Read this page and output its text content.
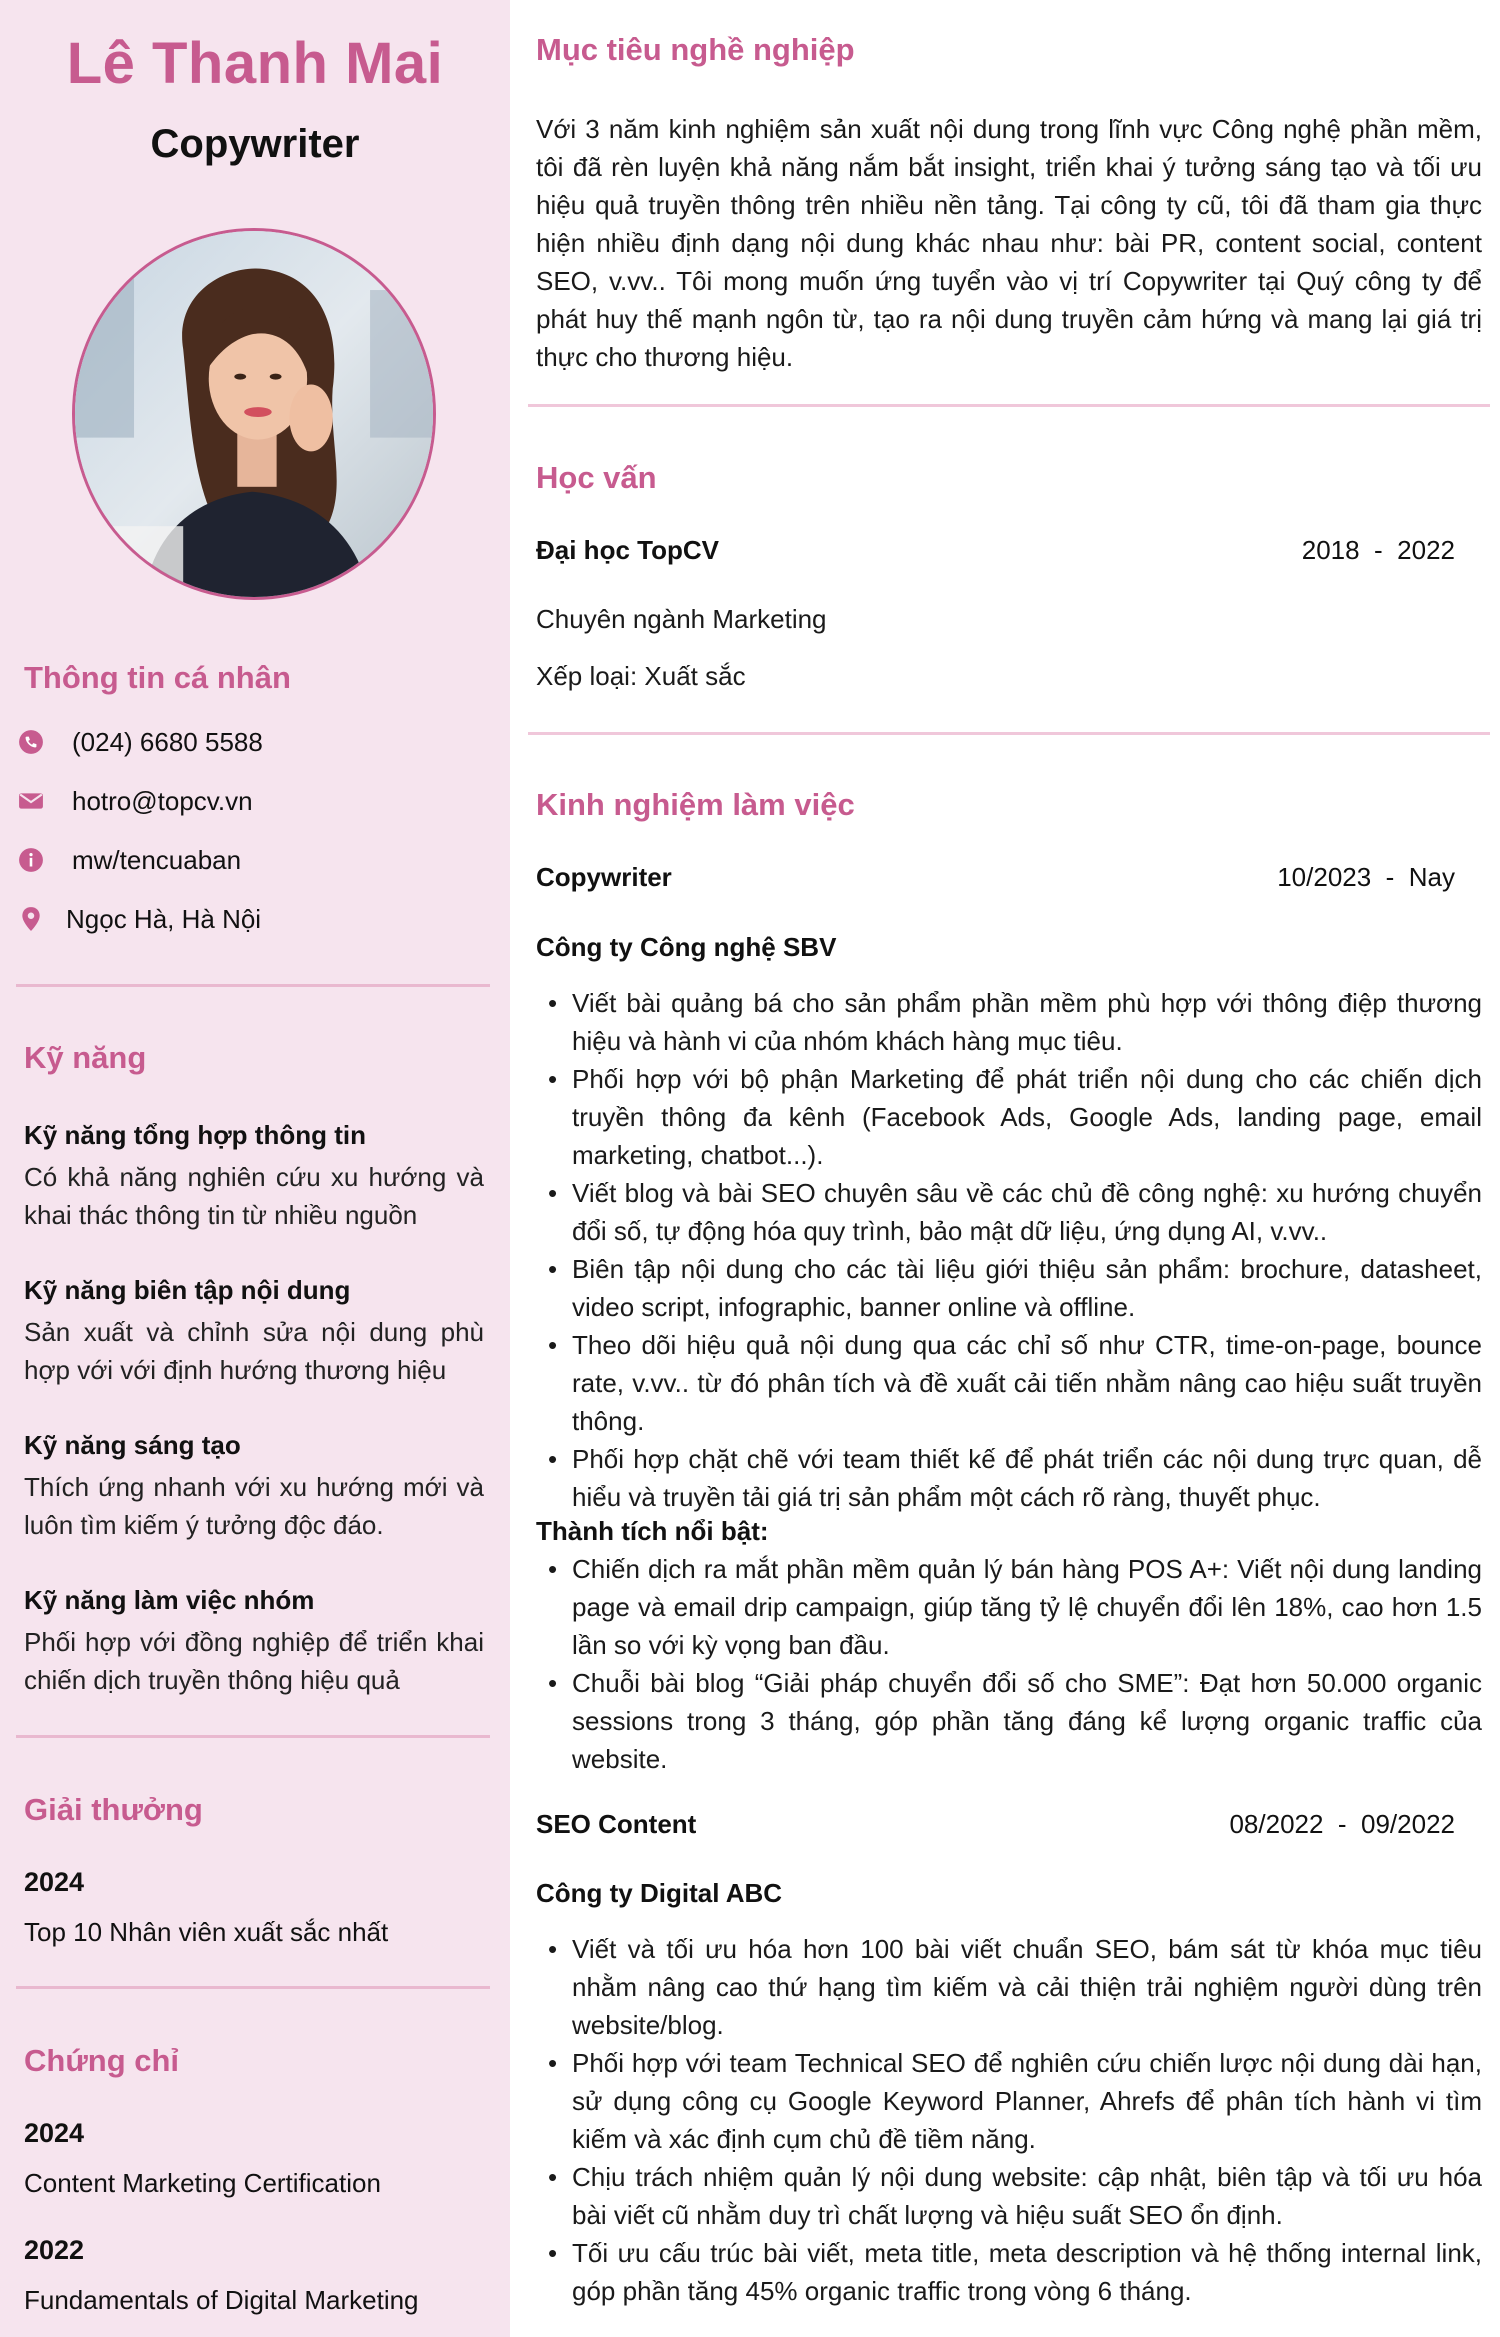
Lê Thanh Mai
Copywriter
Thông tin cá nhân
(024) 6680 5588
hotro@topcv.vn
mw/tencuaban
Ngọc Hà, Hà Nội
Kỹ năng
Kỹ năng tổng hợp thông tin
Có khả năng nghiên cứu xu hướng và khai thác thông tin từ nhiều nguồn
Kỹ năng biên tập nội dung
Sản xuất và chỉnh sửa nội dung phù hợp với với định hướng thương hiệu
Kỹ năng sáng tạo
Thích ứng nhanh với xu hướng mới và luôn tìm kiếm ý tưởng độc đáo.
Kỹ năng làm việc nhóm
Phối hợp với đồng nghiệp để triển khai chiến dịch truyền thông hiệu quả
Giải thưởng
2024
Top 10 Nhân viên xuất sắc nhất
Chứng chỉ
2024
Content Marketing Certification
2022
Fundamentals of Digital Marketing
Mục tiêu nghề nghiệp
Với 3 năm kinh nghiệm sản xuất nội dung trong lĩnh vực Công nghệ phần mềm, tôi đã rèn luyện khả năng nắm bắt insight, triển khai ý tưởng sáng tạo và tối ưu hiệu quả truyền thông trên nhiều nền tảng. Tại công ty cũ, tôi đã tham gia thực hiện nhiều định dạng nội dung khác nhau như: bài PR, content social, content SEO, v.vv.. Tôi mong muốn ứng tuyển vào vị trí Copywriter tại Quý công ty để phát huy thế mạnh ngôn từ, tạo ra nội dung truyền cảm hứng và mang lại giá trị thực cho thương hiệu.
Học vấn
Đại học TopCV	2018  -  2022
Chuyên ngành Marketing
Xếp loại: Xuất sắc
Kinh nghiệm làm việc
Copywriter	10/2023  -  Nay
Công ty Công nghệ SBV
• Viết bài quảng bá cho sản phẩm phần mềm phù hợp với thông điệp thương hiệu và hành vi của nhóm khách hàng mục tiêu.
• Phối hợp với bộ phận Marketing để phát triển nội dung cho các chiến dịch truyền thông đa kênh (Facebook Ads, Google Ads, landing page, email marketing, chatbot...).
• Viết blog và bài SEO chuyên sâu về các chủ đề công nghệ: xu hướng chuyển đổi số, tự động hóa quy trình, bảo mật dữ liệu, ứng dụng AI, v.vv..
• Biên tập nội dung cho các tài liệu giới thiệu sản phẩm: brochure, datasheet, video script, infographic, banner online và offline.
• Theo dõi hiệu quả nội dung qua các chỉ số như CTR, time-on-page, bounce rate, v.vv.. từ đó phân tích và đề xuất cải tiến nhằm nâng cao hiệu suất truyền thông.
• Phối hợp chặt chẽ với team thiết kế để phát triển các nội dung trực quan, dễ hiểu và truyền tải giá trị sản phẩm một cách rõ ràng, thuyết phục.
Thành tích nổi bật:
• Chiến dịch ra mắt phần mềm quản lý bán hàng POS A+: Viết nội dung landing page và email drip campaign, giúp tăng tỷ lệ chuyển đổi lên 18%, cao hơn 1.5 lần so với kỳ vọng ban đầu.
• Chuỗi bài blog “Giải pháp chuyển đổi số cho SME”: Đạt hơn 50.000 organic sessions trong 3 tháng, góp phần tăng đáng kể lượng organic traffic của website.
SEO Content	08/2022  -  09/2022
Công ty Digital ABC
• Viết và tối ưu hóa hơn 100 bài viết chuẩn SEO, bám sát từ khóa mục tiêu nhằm nâng cao thứ hạng tìm kiếm và cải thiện trải nghiệm người dùng trên website/blog.
• Phối hợp với team Technical SEO để nghiên cứu chiến lược nội dung dài hạn, sử dụng công cụ Google Keyword Planner, Ahrefs để phân tích hành vi tìm kiếm và xác định cụm chủ đề tiềm năng.
• Chịu trách nhiệm quản lý nội dung website: cập nhật, biên tập và tối ưu hóa bài viết cũ nhằm duy trì chất lượng và hiệu suất SEO ổn định.
• Tối ưu cấu trúc bài viết, meta title, meta description và hệ thống internal link, góp phần tăng 45% organic traffic trong vòng 6 tháng.
